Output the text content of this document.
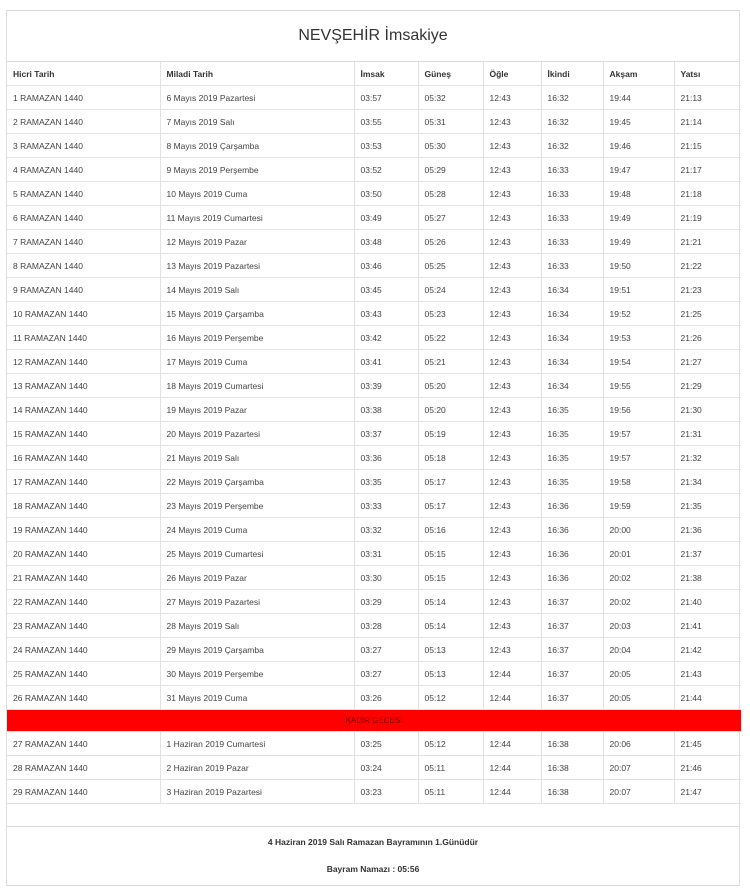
NEVŞEHİR İmsakiye
Hicri Tarih	Miladi Tarih	İmsak	Güneş	Öğle	İkindi	Akşam	Yatsı
1 RAMAZAN 1440	6 Mayıs 2019 Pazartesi	03:57	05:32	12:43	16:32	19:44	21:13
2 RAMAZAN 1440	7 Mayıs 2019 Salı	03:55	05:31	12:43	16:32	19:45	21:14
3 RAMAZAN 1440	8 Mayıs 2019 Çarşamba	03:53	05:30	12:43	16:32	19:46	21:15
4 RAMAZAN 1440	9 Mayıs 2019 Perşembe	03:52	05:29	12:43	16:33	19:47	21:17
5 RAMAZAN 1440	10 Mayıs 2019 Cuma	03:50	05:28	12:43	16:33	19:48	21:18
6 RAMAZAN 1440	11 Mayıs 2019 Cumartesi	03:49	05:27	12:43	16:33	19:49	21:19
7 RAMAZAN 1440	12 Mayıs 2019 Pazar	03:48	05:26	12:43	16:33	19:49	21:21
8 RAMAZAN 1440	13 Mayıs 2019 Pazartesi	03:46	05:25	12:43	16:33	19:50	21:22
9 RAMAZAN 1440	14 Mayıs 2019 Salı	03:45	05:24	12:43	16:34	19:51	21:23
10 RAMAZAN 1440	15 Mayıs 2019 Çarşamba	03:43	05:23	12:43	16:34	19:52	21:25
11 RAMAZAN 1440	16 Mayıs 2019 Perşembe	03:42	05:22	12:43	16:34	19:53	21:26
12 RAMAZAN 1440	17 Mayıs 2019 Cuma	03:41	05:21	12:43	16:34	19:54	21:27
13 RAMAZAN 1440	18 Mayıs 2019 Cumartesi	03:39	05:20	12:43	16:34	19:55	21:29
14 RAMAZAN 1440	19 Mayıs 2019 Pazar	03:38	05:20	12:43	16:35	19:56	21:30
15 RAMAZAN 1440	20 Mayıs 2019 Pazartesi	03:37	05:19	12:43	16:35	19:57	21:31
16 RAMAZAN 1440	21 Mayıs 2019 Salı	03:36	05:18	12:43	16:35	19:57	21:32
17 RAMAZAN 1440	22 Mayıs 2019 Çarşamba	03:35	05:17	12:43	16:35	19:58	21:34
18 RAMAZAN 1440	23 Mayıs 2019 Perşembe	03:33	05:17	12:43	16:36	19:59	21:35
19 RAMAZAN 1440	24 Mayıs 2019 Cuma	03:32	05:16	12:43	16:36	20:00	21:36
20 RAMAZAN 1440	25 Mayıs 2019 Cumartesi	03:31	05:15	12:43	16:36	20:01	21:37
21 RAMAZAN 1440	26 Mayıs 2019 Pazar	03:30	05:15	12:43	16:36	20:02	21:38
22 RAMAZAN 1440	27 Mayıs 2019 Pazartesi	03:29	05:14	12:43	16:37	20:02	21:40
23 RAMAZAN 1440	28 Mayıs 2019 Salı	03:28	05:14	12:43	16:37	20:03	21:41
24 RAMAZAN 1440	29 Mayıs 2019 Çarşamba	03:27	05:13	12:43	16:37	20:04	21:42
25 RAMAZAN 1440	30 Mayıs 2019 Perşembe	03:27	05:13	12:44	16:37	20:05	21:43
26 RAMAZAN 1440	31 Mayıs 2019 Cuma	03:26	05:12	12:44	16:37	20:05	21:44
KADİR GECESİ							
27 RAMAZAN 1440	1 Haziran 2019 Cumartesi	03:25	05:12	12:44	16:38	20:06	21:45
28 RAMAZAN 1440	2 Haziran 2019 Pazar	03:24	05:11	12:44	16:38	20:07	21:46
29 RAMAZAN 1440	3 Haziran 2019 Pazartesi	03:23	05:11	12:44	16:38	20:07	21:47
4 Haziran 2019 Salı Ramazan Bayramının 1.Günüdür
Bayram Namazı : 05:56
